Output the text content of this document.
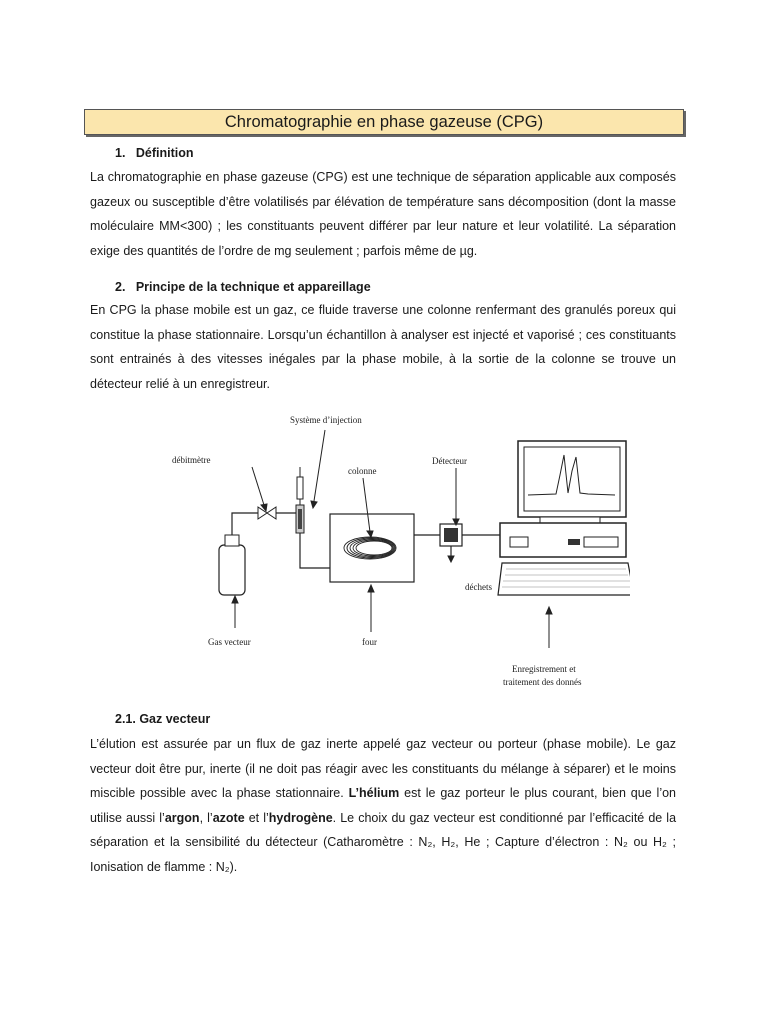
Chromatographie en phase gazeuse (CPG)
1.   Définition

La chromatographie en phase gazeuse (CPG) est une technique de séparation applicable aux composés gazeux ou susceptible d’être volatilisés par élévation de température sans décomposition (dont la masse moléculaire MM<300) ; les constituants peuvent différer par leur nature et leur volatilité. La séparation exige des quantités de l’ordre de mg seulement ; parfois même de µg.

2.   Principe de la technique et appareillage

En CPG la phase mobile est un gaz, ce fluide traverse une colonne renfermant des granulés poreux qui constitue la phase stationnaire. Lorsqu’un échantillon à analyser est injecté et vaporisé ; ces constituants sont entrainés à des vitesses inégales par la phase mobile, à la sortie de la colonne se trouve un détecteur relié à un enregistreur.

Système d’injection
débitmètre
colonne
Détecteur
déchets
Gas vecteur	four
Enregistrement et
traitement des donnés
2.1. Gaz vecteur

L’élution est assurée par un flux de gaz inerte appelé gaz vecteur ou porteur (phase mobile). Le gaz vecteur doit être pur, inerte (il ne doit pas réagir avec les constituants du mélange à séparer) et le moins miscible possible avec la phase stationnaire. L’hélium est le gaz porteur le plus courant, bien que l’on utilise aussi l’argon, l’azote et l’hydrogène. Le choix du gaz vecteur est conditionné par l’efficacité de la séparation et la sensibilité du détecteur (Catharomètre : N₂, H₂, He ; Capture d’électron : N₂ ou H₂ ; Ionisation de flamme : N₂).
